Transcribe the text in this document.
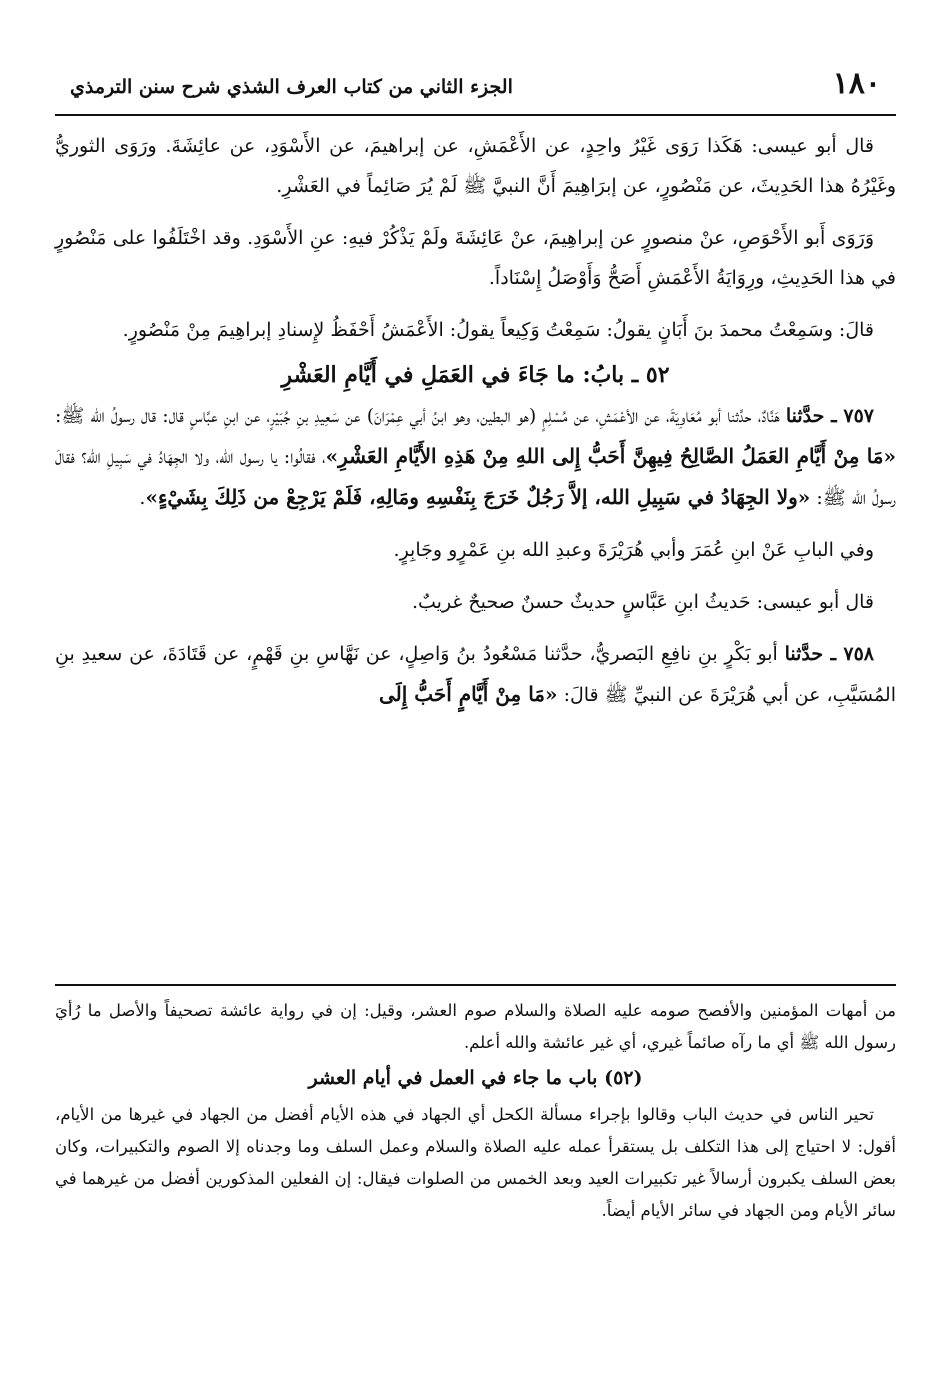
١٨٠
الجزء الثاني من كتاب العرف الشذي شرح سنن الترمذي

قال أبو عيسى: هَكَذا رَوَى غَيْرُ واحِدٍ، عن الأَعْمَشِ، عن إبراهيمَ، عن الأَسْوَدِ، عن عائِشَةَ. ورَوَى الثوريُّ وغَيْرُهُ هذا الحَدِيثَ، عن مَنْصُورٍ، عن إبرَاهِيمَ أَنَّ النبيَّ ﷺ لَمْ يُرَ صَائِماً في العَشْرِ.

وَرَوَى أَبو الأَحْوَصِ، عنْ منصورٍ عن إبراهِيمَ، عنْ عَائِشَةَ ولَمْ يَذْكُرْ فيهِ: عنِ الأَسْوَدِ. وقد اخْتَلَفُوا على مَنْصُورٍ في هذا الحَدِيثِ، ورِوَايَةُ الأَعْمَشِ أَصَحُّ وَأَوْصَلُ إِسْنَاداً.

قالَ: وسَمِعْتُ محمدَ بنَ أَبَانٍ يقولُ: سَمِعْتُ وَكِيعاً يقولُ: الأَعْمَشُ أَحْفَظُ لإِسنادِ إبراهِيمَ مِنْ مَنْصُورٍ.

٥٢ ـ بابُ: ما جَاءَ في العَمَلِ في أَيَّامِ العَشْرِ

٧٥٧ ـ حدَّثنا هَنَّادٌ، حدَّثنا أبو مُعَاوِيَةَ، عن الأعْمَشِ، عن مُسْلِمٍ (هو البطين، وهو ابنُ أبي عِمْرَانَ) عن سَعِيدِ بنِ جُبَيْرٍ، عن ابنِ عبَّاسٍ قال: قال رسولُ الله ﷺ: «مَا مِنْ أَيَّامِ العَمَلُ الصَّالِحُ فِيهِنَّ أَحَبُّ إِلى اللهِ مِنْ هَذِهِ الأَيَّامِ العَشْرِ»، فقالُوا: يا رسول الله، ولا الجِهَادُ في سَبِيلِ الله؟ فقالَ رسولُ الله ﷺ: «ولا الجِهَادُ في سَبِيلِ الله، إلاَّ رَجُلٌ خَرَجَ بِنَفْسِهِ ومَالِهِ، فَلَمْ يَرْجِعْ من ذَلِكَ بِشَيْءٍ».

وفي البابِ عَنْ ابنِ عُمَرَ وأبي هُرَيْرَةَ وعبدِ الله بنِ عَمْرٍو وجَابِرٍ.

قال أبو عيسى: حَديثُ ابنِ عَبَّاسٍ حديثٌ حسنٌ صحيحٌ غريبٌ.

٧٥٨ ـ حدَّثنا أبو بَكْرٍ بنِ نافِعِ البَصريُّ، حدَّثنا مَسْعُودُ بنُ وَاصِلٍ، عن نَهَّاسِ بنِ قَهْمٍ، عن قَتَادَةَ، عن سعيدِ بنِ المُسَيَّبِ، عن أبي هُرَيْرَةَ عن النبيِّ ﷺ قالَ: «مَا مِنْ أَيَّامٍ أَحَبُّ إِلَى

من أمهات المؤمنين والأفصح صومه عليه الصلاة والسلام صوم العشر، وقيل: إن في رواية عائشة تصحيفاً والأصل ما رُأيَ رسول الله ﷺ أي ما رآه صائماً غيري، أي غير عائشة والله أعلم.

(٥٢) باب ما جاء في العمل في أيام العشر

تحير الناس في حديث الباب وقالوا بإجراء مسألة الكحل أي الجهاد في هذه الأيام أفضل من الجهاد في غيرها من الأيام، أقول: لا احتياج إلى هذا التكلف بل يستقرأ عمله عليه الصلاة والسلام وعمل السلف وما وجدناه إلا الصوم والتكبيرات، وكان بعض السلف يكبرون أرسالاً غير تكبيرات العيد وبعد الخمس من الصلوات فيقال: إن الفعلين المذكورين أفضل من غيرهما في سائر الأيام ومن الجهاد في سائر الأيام أيضاً.
